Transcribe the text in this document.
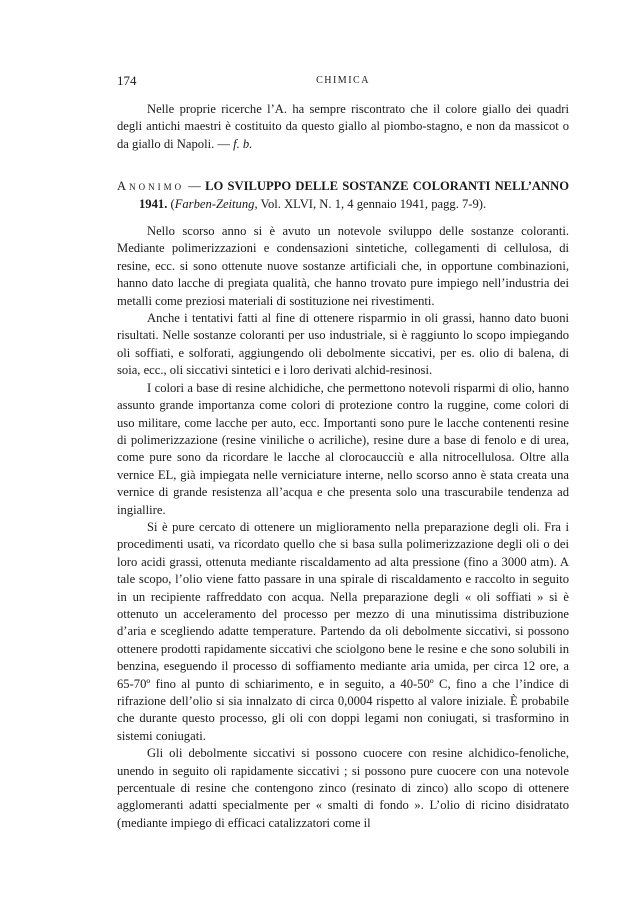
174	CHIMICA

Nelle proprie ricerche l’A. ha sempre riscontrato che il colore giallo dei quadri degli antichi maestri è costituito da questo giallo al piombo-stagno, e non da massicot o da giallo di Napoli. — f. b.

Anonimo — LO SVILUPPO DELLE SOSTANZE COLORANTI NELL’ANNO 1941. (Farben-Zeitung, Vol. XLVI, N. 1, 4 gennaio 1941, pagg. 7-9).

Nello scorso anno si è avuto un notevole sviluppo delle sostanze coloranti. Mediante polimerizzazioni e condensazioni sintetiche, collegamenti di cellulosa, di resine, ecc. si sono ottenute nuove sostanze artificiali che, in opportune combinazioni, hanno dato lacche di pregiata qualità, che hanno trovato pure impiego nell’industria dei metalli come preziosi materiali di sostituzione nei rivestimenti.

Anche i tentativi fatti al fine di ottenere risparmio in oli grassi, hanno dato buoni risultati. Nelle sostanze coloranti per uso industriale, si è raggiunto lo scopo impiegando oli soffiati, e solforati, aggiungendo oli debolmente siccativi, per es. olio di balena, di soia, ecc., oli siccativi sintetici e i loro derivati alchid-resinosi.

I colori a base di resine alchidiche, che permettono notevoli risparmi di olio, hanno assunto grande importanza come colori di protezione contro la ruggine, come colori di uso militare, come lacche per auto, ecc. Importanti sono pure le lacche contenenti resine di polimerizzazione (resine viniliche o acriliche), resine dure a base di fenolo e di urea, come pure sono da ricordare le lacche al clorocaucciù e alla nitrocellulosa. Oltre alla vernice EL, già impiegata nelle verniciature interne, nello scorso anno è stata creata una vernice di grande resistenza all’acqua e che presenta solo una trascurabile tendenza ad ingiallire.

Si è pure cercato di ottenere un miglioramento nella preparazione degli oli. Fra i procedimenti usati, va ricordato quello che si basa sulla polimerizzazione degli oli o dei loro acidi grassi, ottenuta mediante riscaldamento ad alta pressione (fino a 3000 atm). A tale scopo, l’olio viene fatto passare in una spirale di riscaldamento e raccolto in seguito in un recipiente raffreddato con acqua. Nella preparazione degli « oli soffiati » si è ottenuto un acceleramento del processo per mezzo di una minutissima distribuzione d’aria e scegliendo adatte temperature. Partendo da oli debolmente siccativi, si possono ottenere prodotti rapidamente siccativi che sciolgono bene le resine e che sono solubili in benzina, eseguendo il processo di soffiamento mediante aria umida, per circa 12 ore, a 65-70º fino al punto di schiarimento, e in seguito, a 40-50º C, fino a che l’indice di rifrazione dell’olio si sia innalzato di circa 0,0004 rispetto al valore iniziale. È probabile che durante questo processo, gli oli con doppi legami non coniugati, si trasformino in sistemi coniugati.

Gli oli debolmente siccativi si possono cuocere con resine alchidico-fenoliche, unendo in seguito oli rapidamente siccativi ; si possono pure cuocere con una notevole percentuale di resine che contengono zinco (resinato di zinco) allo scopo di ottenere agglomeranti adatti specialmente per « smalti di fondo ». L’olio di ricino disidratato (mediante impiego di efficaci catalizzatori come il
